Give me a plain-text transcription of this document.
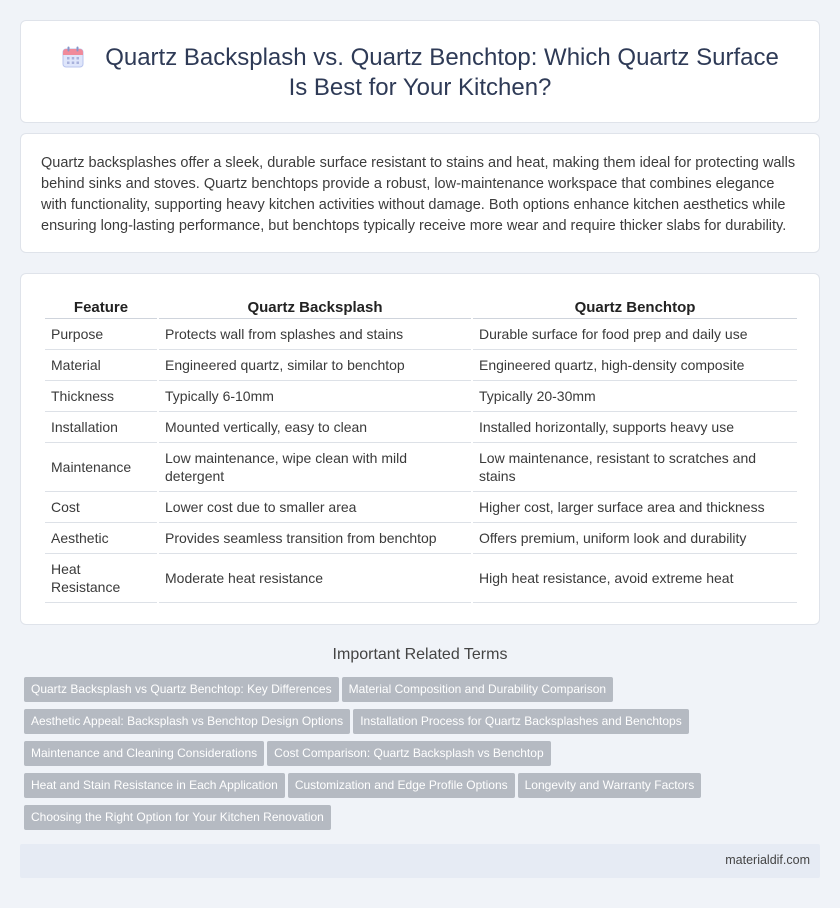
Quartz Backsplash vs. Quartz Benchtop: Which Quartz Surface Is Best for Your Kitchen?

Quartz backsplashes offer a sleek, durable surface resistant to stains and heat, making them ideal for protecting walls behind sinks and stoves. Quartz benchtops provide a robust, low-maintenance workspace that combines elegance with functionality, supporting heavy kitchen activities without damage. Both options enhance kitchen aesthetics while ensuring long-lasting performance, but benchtops typically receive more wear and require thicker slabs for durability.

Feature	Quartz Backsplash	Quartz Benchtop
Purpose	Protects wall from splashes and stains	Durable surface for food prep and daily use
Material	Engineered quartz, similar to benchtop	Engineered quartz, high-density composite
Thickness	Typically 6-10mm	Typically 20-30mm
Installation	Mounted vertically, easy to clean	Installed horizontally, supports heavy use
Maintenance	Low maintenance, wipe clean with mild detergent	Low maintenance, resistant to scratches and stains
Cost	Lower cost due to smaller area	Higher cost, larger surface area and thickness
Aesthetic	Provides seamless transition from benchtop	Offers premium, uniform look and durability
Heat Resistance	Moderate heat resistance	High heat resistance, avoid extreme heat
Important Related Terms
Quartz Backsplash vs Quartz Benchtop: Key Differences Material Composition and Durability Comparison
Aesthetic Appeal: Backsplash vs Benchtop Design Options Installation Process for Quartz Backsplashes and Benchtops
Maintenance and Cleaning Considerations Cost Comparison: Quartz Backsplash vs Benchtop
Heat and Stain Resistance in Each Application Customization and Edge Profile Options Longevity and Warranty Factors
Choosing the Right Option for Your Kitchen Renovation
materialdif.com
